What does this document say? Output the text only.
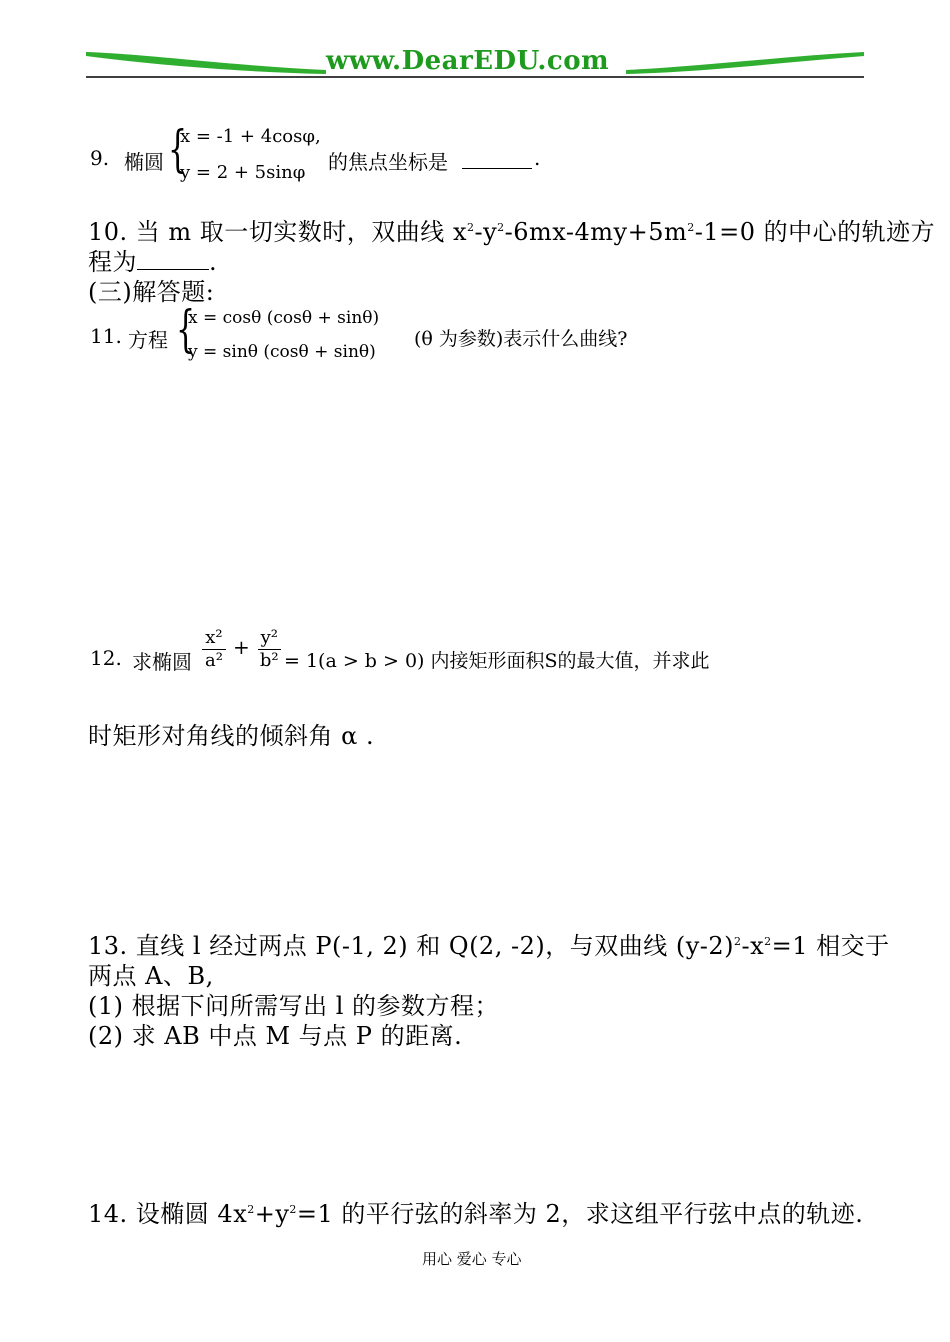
www.DearEDU.com
9. 椭圆 {
x = -1 + 4cosφ,
y = 2 + 5sinφ 的焦点坐标是	.
10. 当 m 取一切实数时，双曲线 $x^2-y^2-6mx-4my+5m^2-1=0$ 的中心的轨迹方
程为	.
(三)解答题:
11. 方程 {
x = cosθ (cosθ + sinθ)
y = sinθ (cosθ + sinθ)
(θ 为参数)表示什么曲线?
12. 求椭圆 $\frac{\text{x²}}{\text{a²}} + \frac{\text{y²}}{\text{b²}} = 1(a > b > 0)$ 内接矩形面积S的最大值，并求此
时矩形对角线的倾斜角 α .
13. 直线 l 经过两点 P(-1, 2) 和 Q(2, -2)，与双曲线 $(y-2)^2-x^2=1$ 相交于
两点 A、B,
(1) 根据下问所需写出 l 的参数方程；
(2) 求 AB 中点 M 与点 P 的距离.
14. 设椭圆 $4x^2+y^2=1$ 的平行弦的斜率为 2，求这组平行弦中点的轨迹.
用心 爱心 专心
